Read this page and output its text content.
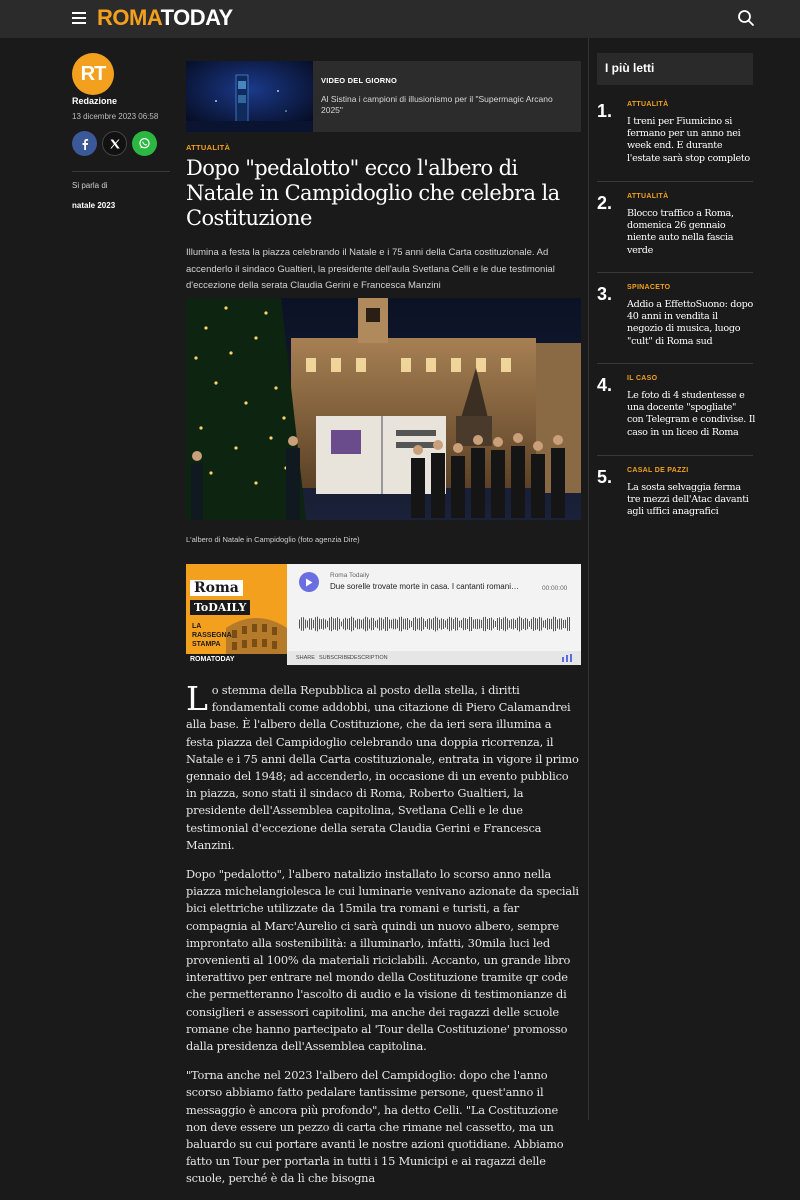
ROMATODAY
RT
Redazione
13 dicembre 2023 06:58
Si parla di
natale 2023
VIDEO DEL GIORNO
Al Sistina i campioni di illusionismo per il "Supermagic Arcano 2025"
ATTUALITÀ
Dopo "pedalotto" ecco l'albero di Natale in Campidoglio che celebra la Costituzione
Illumina a festa la piazza celebrando il Natale e i 75 anni della Carta costituzionale. Ad accenderlo il sindaco Gualtieri, la presidente dell'aula Svetlana Celli e le due testimonial d'eccezione della serata Claudia Gerini e Francesca Manzini
L'albero di Natale in Campidoglio (foto agenzia Dire)
Roma
ToDAILY
LA RASSEGNA STAMPA
ROMATODAY
Roma Todaily
Due sorelle trovate morte in casa. I cantanti romani…	00:00:00
SHARE SUBSCRIBE DESCRIPTION

Lo stemma della Repubblica al posto della stella, i diritti fondamentali come addobbi, una citazione di Piero Calamandrei alla base. È l'albero della Costituzione, che da ieri sera illumina a festa piazza del Campidoglio celebrando una doppia ricorrenza, il Natale e i 75 anni della Carta costituzionale, entrata in vigore il primo gennaio del 1948; ad accenderlo, in occasione di un evento pubblico in piazza, sono stati il sindaco di Roma, Roberto Gualtieri, la presidente dell'Assemblea capitolina, Svetlana Celli e le due testimonial d'eccezione della serata Claudia Gerini e Francesca Manzini.

Dopo "pedalotto", l'albero natalizio installato lo scorso anno nella piazza michelangiolesca le cui luminarie venivano azionate da speciali bici elettriche utilizzate da 15mila tra romani e turisti, a far compagnia al Marc'Aurelio ci sarà quindi un nuovo albero, sempre improntato alla sostenibilità: a illuminarlo, infatti, 30mila luci led provenienti al 100% da materiali riciclabili. Accanto, un grande libro interattivo per entrare nel mondo della Costituzione tramite qr code che permetteranno l'ascolto di audio e la visione di testimonianze di consiglieri e assessori capitolini, ma anche dei ragazzi delle scuole romane che hanno partecipato al 'Tour della Costituzione' promosso dalla presidenza dell'Assemblea capitolina.

"Torna anche nel 2023 l'albero del Campidoglio: dopo che l'anno scorso abbiamo fatto pedalare tantissime persone, quest'anno il messaggio è ancora più profondo", ha detto Celli. "La Costituzione non deve essere un pezzo di carta che rimane nel cassetto, ma un baluardo su cui portare avanti le nostre azioni quotidiane. Abbiamo fatto un Tour per portarla in tutti i 15 Municipi e ai ragazzi delle scuole, perché è da lì che bisogna

I più letti
1. ATTUALITÀ
I treni per Fiumicino si fermano per un anno nei week end. E durante l'estate sarà stop completo
2. ATTUALITÀ
Blocco traffico a Roma, domenica 26 gennaio niente auto nella fascia verde
3. SPINACETO
Addio a EffettoSuono: dopo 40 anni in vendita il negozio di musica, luogo "cult" di Roma sud
4. IL CASO
Le foto di 4 studentesse e una docente "spogliate" con Telegram e condivise. Il caso in un liceo di Roma
5. CASAL DE PAZZI
La sosta selvaggia ferma tre mezzi dell'Atac davanti agli uffici anagrafici
